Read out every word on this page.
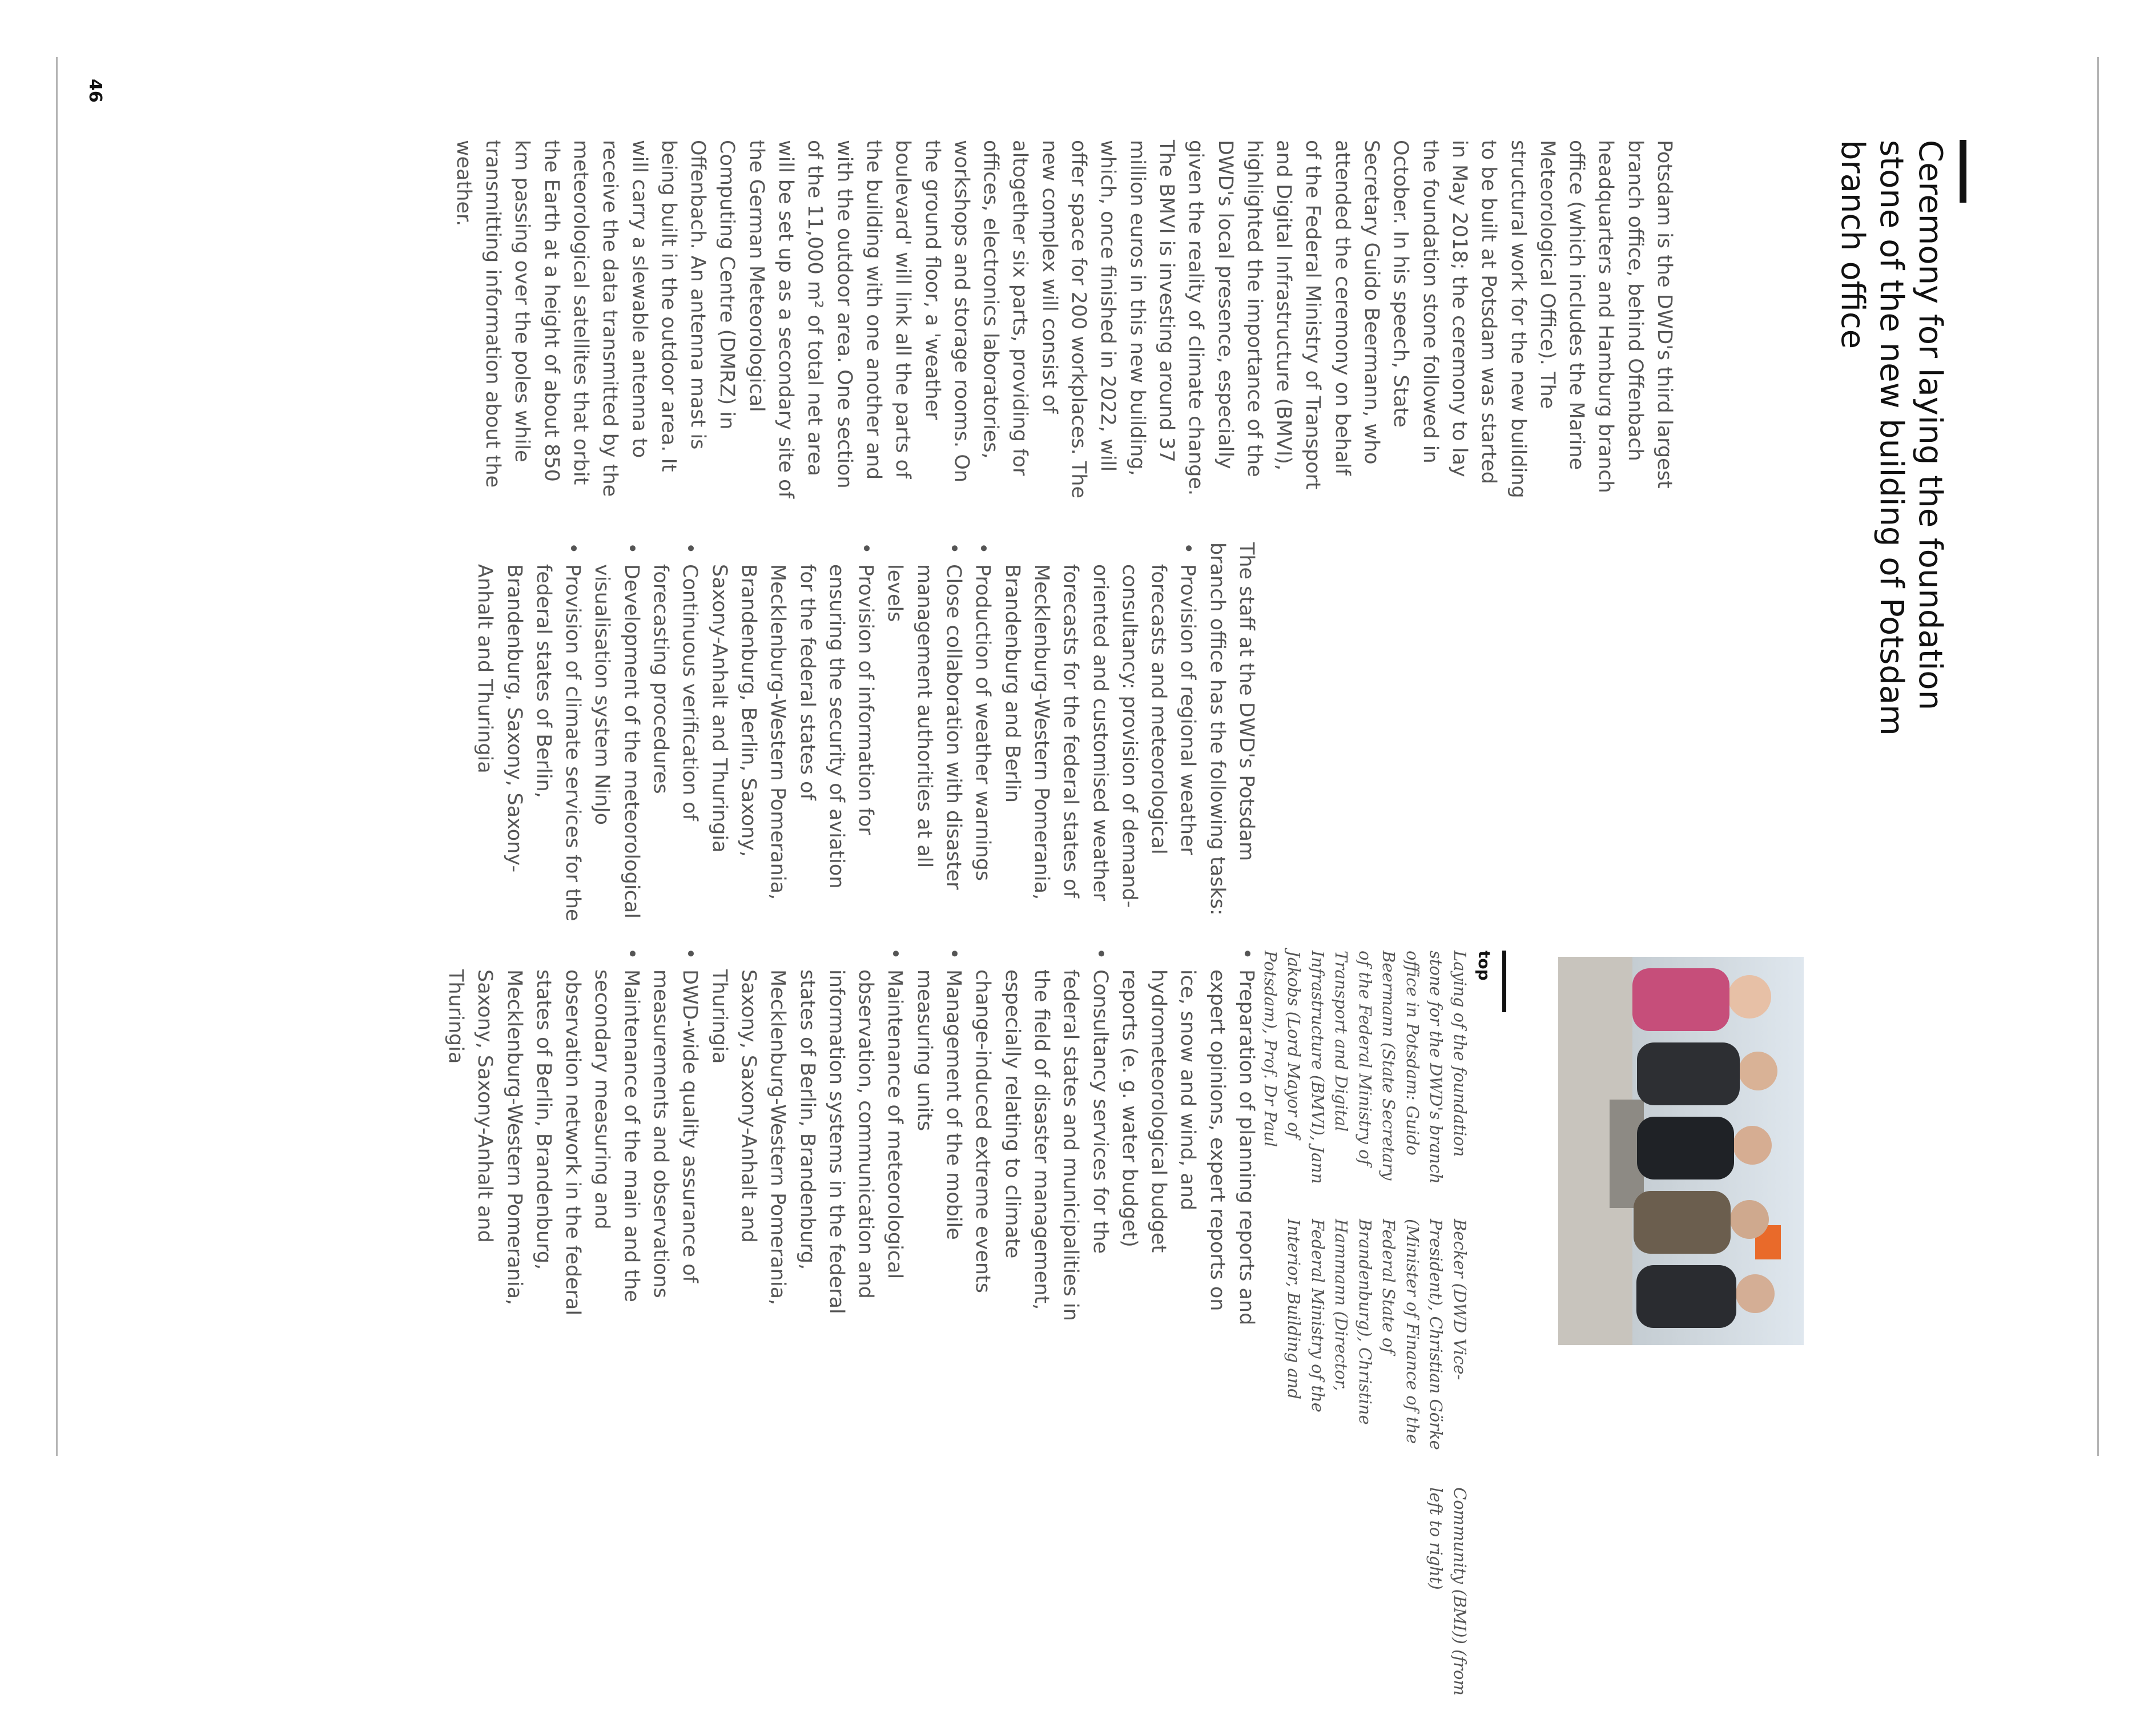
46
Ceremony for laying the foundation stone of the new building of Potsdam branch office
top
Laying of the foundation stone for the DWD's branch office in Potsdam: Guido Beermann (State Secretary of the Federal Ministry of Transport and Digital Infrastructure (BMVI), Jann Jakobs (Lord Mayor of Potsdam), Prof. Dr Paul Becker (DWD Vice-President), Christian Görke (Minister of Finance of the Federal State of Brandenburg), Christine Hammann (Director, Federal Ministry of the Interior, Building and Community (BMI)) (from left to right)

Potsdam is the DWD's third largest branch office, behind Offenbach headquarters and Hamburg branch office (which includes the Marine Meteorological Office). The structural work for the new building to be built at Potsdam was started in May 2018; the ceremony to lay the foundation stone followed in October. In his speech, State Secretary Guido Beermann, who attended the ceremony on behalf of the Federal Ministry of Transport and Digital Infrastructure (BMVI), highlighted the importance of the DWD's local presence, especially given the reality of climate change. The BMVI is investing around 37 million euros in this new building, which, once finished in 2022, will offer space for 200 workplaces. The new complex will consist of altogether six parts, providing for offices, electronics laboratories, workshops and storage rooms. On the ground floor, a 'weather boulevard' will link all the parts of the building with one another and with the outdoor area. One section of the 11,000 m² of total net area will be set up as a secondary site of the German Meteorological Computing Centre (DMRZ) in Offenbach. An antenna mast is being built in the outdoor area. It will carry a slewable antenna to receive the data transmitted by the meteorological satellites that orbit the Earth at a height of about 850 km passing over the poles while transmitting information about the weather.

The staff at the DWD's Potsdam branch office has the following tasks:

• Provision of regional weather forecasts and meteorological consultancy: provision of demand-oriented and customised weather forecasts for the federal states of Mecklenburg-Western Pomerania, Brandenburg and Berlin
• Production of weather warnings
• Close collaboration with disaster management authorities at all levels
• Provision of information for ensuring the security of aviation for the federal states of Mecklenburg-Western Pomerania, Brandenburg, Berlin, Saxony, Saxony-Anhalt and Thuringia
• Continuous verification of forecasting procedures
• Development of the meteorological visualisation system NinJo
• Provision of climate services for the federal states of Berlin, Brandenburg, Saxony, Saxony-Anhalt and Thuringia
• Preparation of planning reports and expert opinions, expert reports on ice, snow and wind, and hydrometeorological budget reports (e. g. water budget)
• Consultancy services for the federal states and municipalities in the field of disaster management, especially relating to climate change-induced extreme events
• Management of the mobile measuring units
• Maintenance of meteorological observation, communication and information systems in the federal states of Berlin, Brandenburg, Mecklenburg-Western Pomerania, Saxony, Saxony-Anhalt and Thuringia
• DWD-wide quality assurance of measurements and observations
• Maintenance of the main and the secondary measuring and observation network in the federal states of Berlin, Brandenburg, Mecklenburg-Western Pomerania, Saxony, Saxony-Anhalt and Thuringia
